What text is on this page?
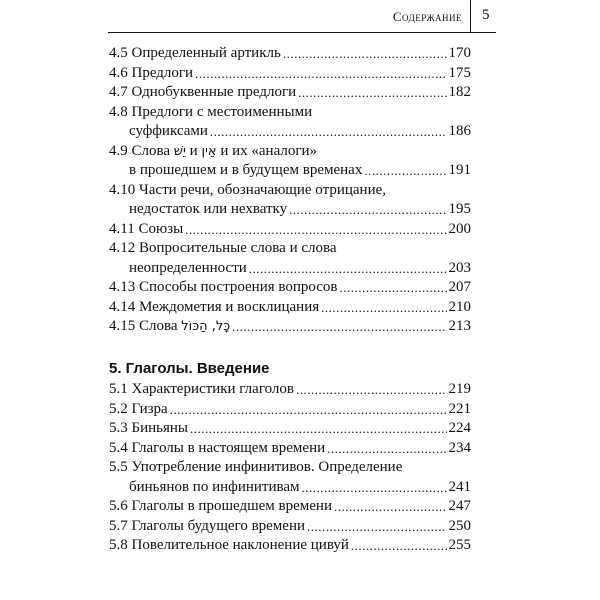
Содержание 5
4.5 Определенный артикль .....	170
4.6 Предлоги .....	175
4.7 Однобуквенные предлоги .....	182
4.8 Предлоги с местоименными
суффиксами .....	186
4.9 Слова יֵשׁ и אֵין и их «аналоги»
в прошедшем и в будущем временах .....	191
4.10 Части речи, обозначающие отрицание,
недостаток или нехватку .....	195
4.11 Союзы .....	200
4.12 Вопросительные слова и слова
неопределенности .....	203
4.13 Способы построения вопросов .....	207
4.14 Междометия и восклицания .....	210
4.15 Слова כָּל, הַכּוֹל .....	213
5. Глаголы. Введение
5.1 Характеристики глаголов .....	219
5.2 Гизра .....	221
5.3 Биньяны .....	224
5.4 Глаголы в настоящем времени .....	234
5.5 Употребление инфинитивов. Определение
биньянов по инфинитивам .....	241
5.6 Глаголы в прошедшем времени .....	247
5.7 Глаголы будущего времени .....	250
5.8 Повелительное наклонение цивуй .....	255
